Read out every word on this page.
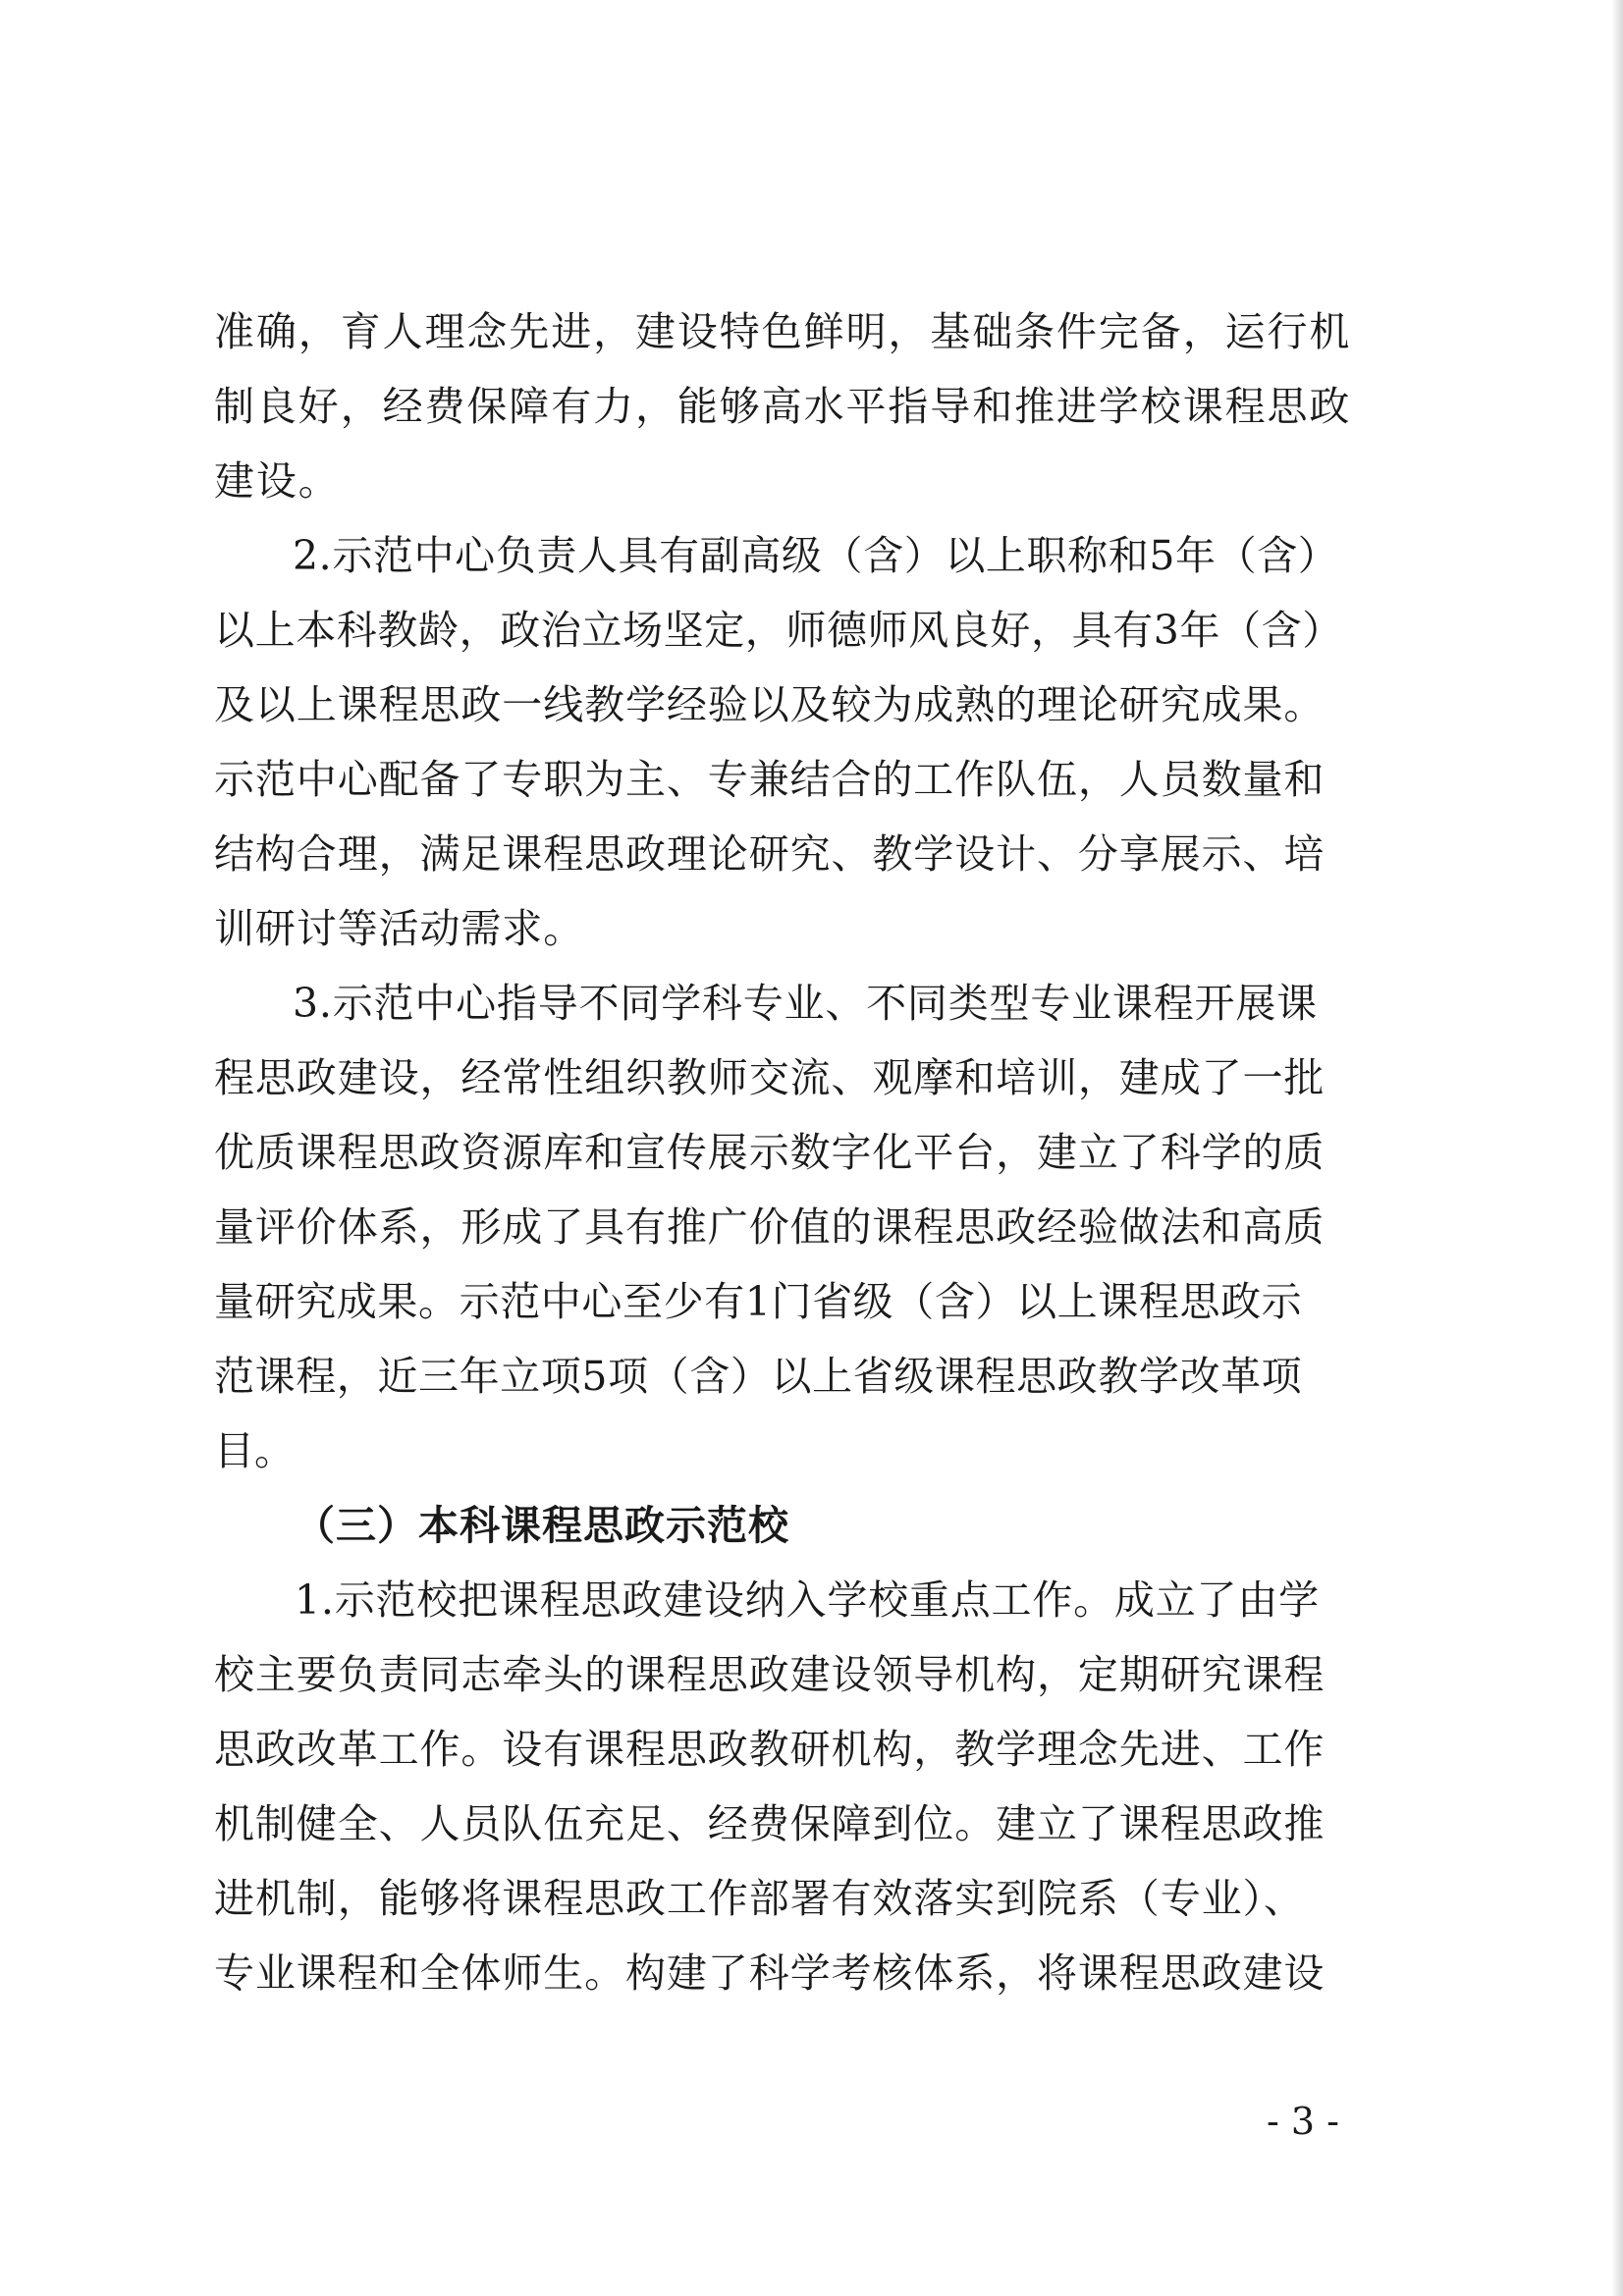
准确，育人理念先进，建设特色鲜明，基础条件完备，运行机
制良好，经费保障有力，能够高水平指导和推进学校课程思政
建设。
2.示范中心负责人具有副高级（含）以上职称和5年（含）
以上本科教龄，政治立场坚定，师德师风良好，具有3年（含）
及以上课程思政一线教学经验以及较为成熟的理论研究成果。
示范中心配备了专职为主、专兼结合的工作队伍，人员数量和
结构合理，满足课程思政理论研究、教学设计、分享展示、培
训研讨等活动需求。
3.示范中心指导不同学科专业、不同类型专业课程开展课
程思政建设，经常性组织教师交流、观摩和培训，建成了一批
优质课程思政资源库和宣传展示数字化平台，建立了科学的质
量评价体系，形成了具有推广价值的课程思政经验做法和高质
量研究成果。示范中心至少有1门省级（含）以上课程思政示
范课程，近三年立项5项（含）以上省级课程思政教学改革项
目。
（三）本科课程思政示范校
1.示范校把课程思政建设纳入学校重点工作。成立了由学
校主要负责同志牵头的课程思政建设领导机构，定期研究课程
思政改革工作。设有课程思政教研机构，教学理念先进、工作
机制健全、人员队伍充足、经费保障到位。建立了课程思政推
进机制，能够将课程思政工作部署有效落实到院系（专业）、
专业课程和全体师生。构建了科学考核体系，将课程思政建设
- 3 -
